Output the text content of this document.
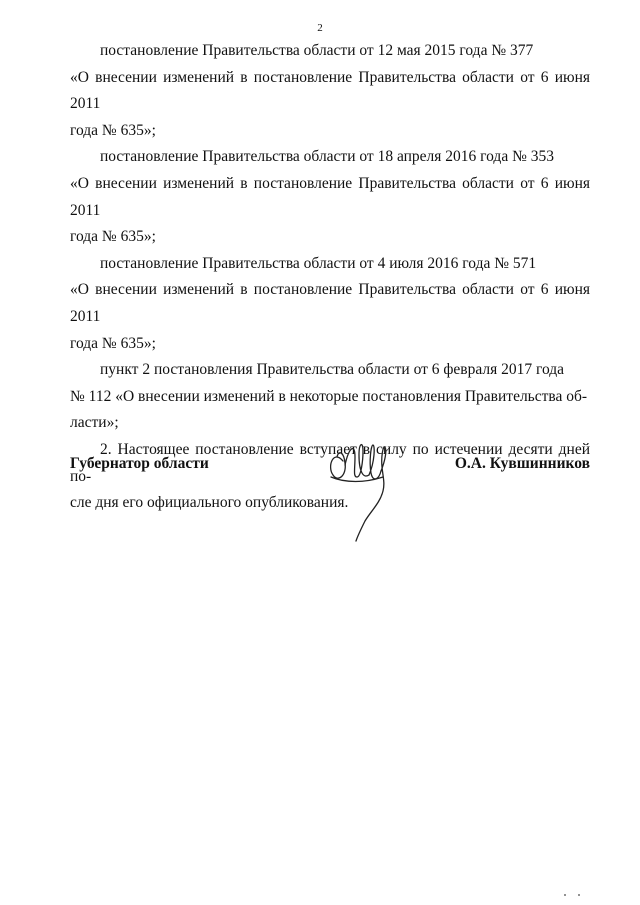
2

постановление Правительства области от 12 мая 2015 года № 377
«О внесении изменений в постановление Правительства области от 6 июня 2011
года № 635»;

постановление Правительства области от 18 апреля 2016 года № 353
«О внесении изменений в постановление Правительства области от 6 июня 2011
года № 635»;

постановление Правительства области от 4 июля 2016 года № 571
«О внесении изменений в постановление Правительства области от 6 июня 2011
года № 635»;

пункт 2 постановления Правительства области от 6 февраля 2017 года
№ 112 «О внесении изменений в некоторые постановления Правительства об-
ласти»;

2. Настоящее постановление вступает в силу по истечении десяти дней по-
сле дня его официального опубликования.

Губернатор области	О.А. Кувшинников
